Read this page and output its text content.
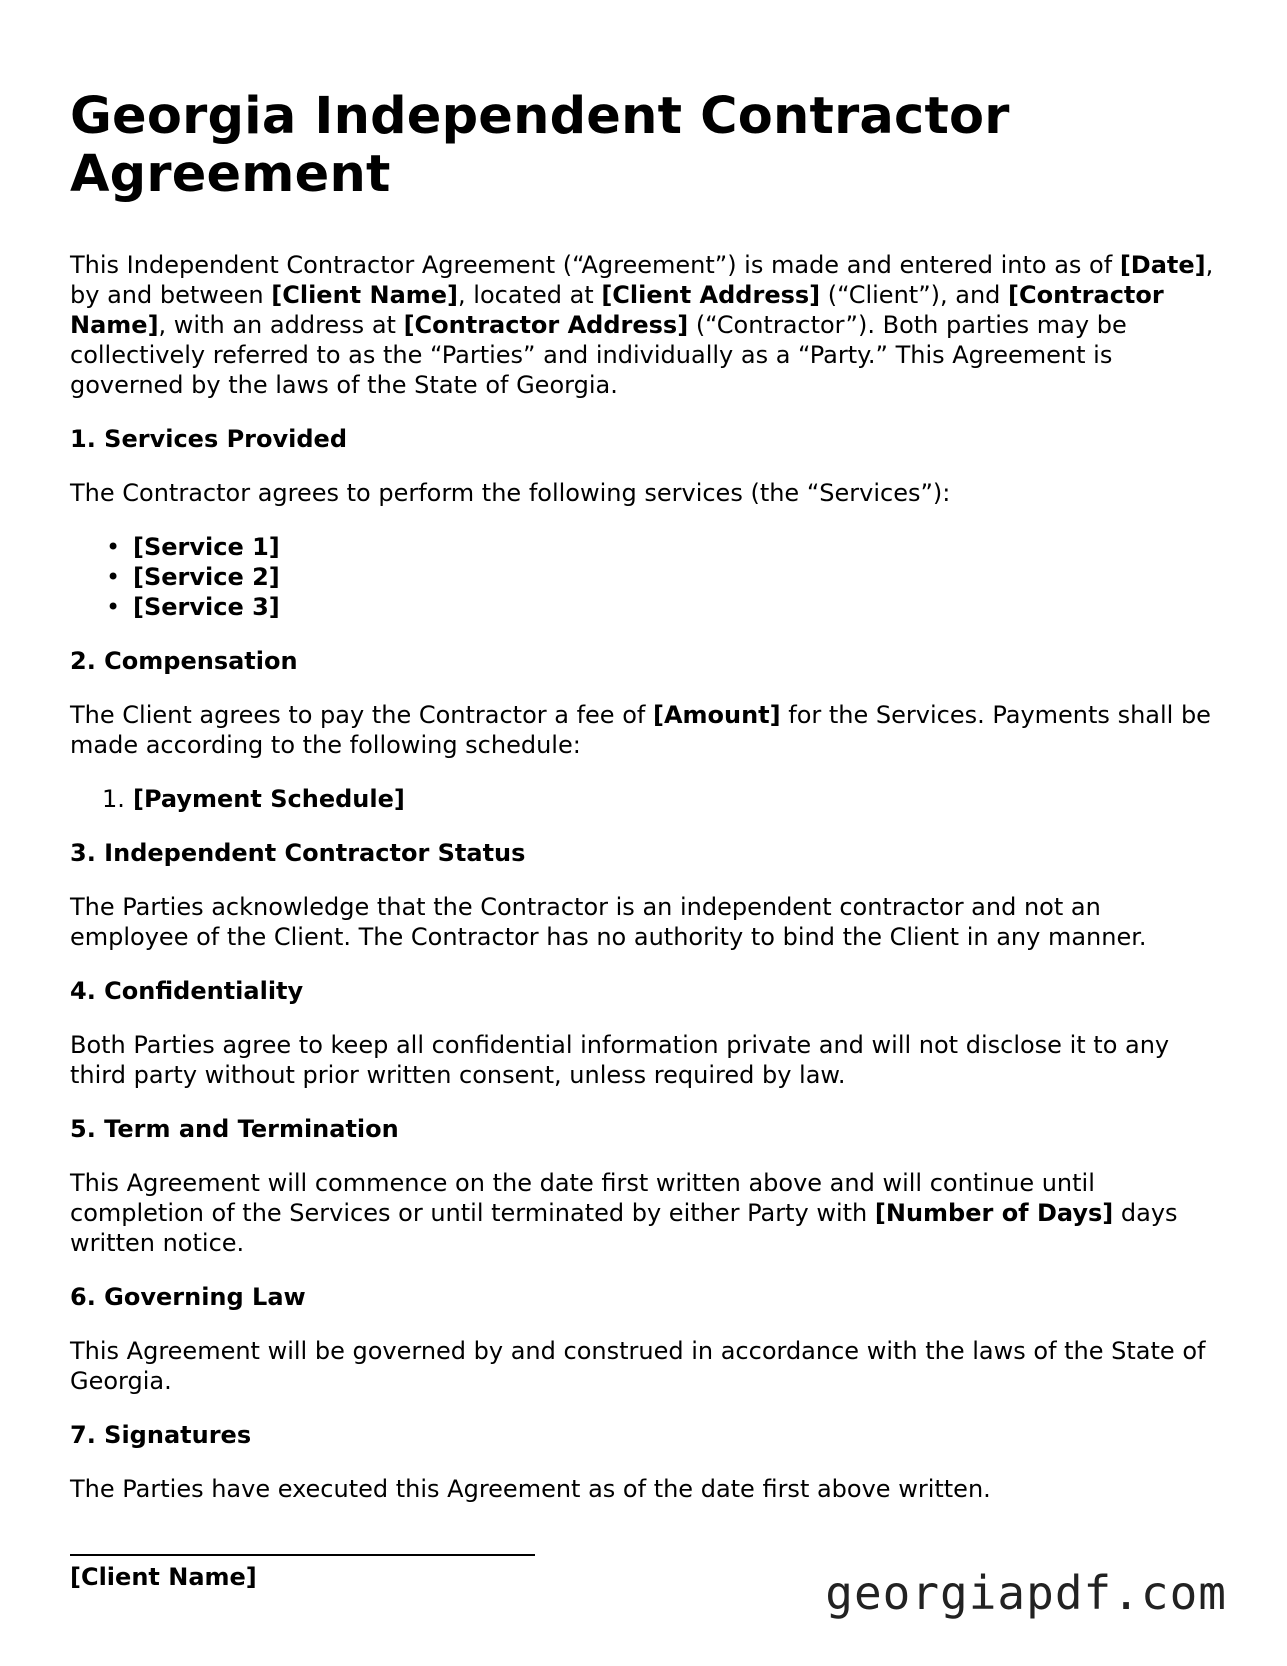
Georgia Independent Contractor Agreement
This Independent Contractor Agreement (“Agreement”) is made and entered into as of [Date], by and between [Client Name], located at [Client Address] (“Client”), and [Contractor Name], with an address at [Contractor Address] (“Contractor”). Both parties may be collectively referred to as the “Parties” and individually as a “Party.” This Agreement is governed by the laws of the State of Georgia.
1. Services Provided

The Contractor agrees to perform the following services (the “Services”):

• [Service 1]
• [Service 2]
• [Service 3]
2. Compensation

The Client agrees to pay the Contractor a fee of [Amount] for the Services. Payments shall be made according to the following schedule:

1. [Payment Schedule]
3. Independent Contractor Status

The Parties acknowledge that the Contractor is an independent contractor and not an employee of the Client. The Contractor has no authority to bind the Client in any manner.

4. Confidentiality

Both Parties agree to keep all confidential information private and will not disclose it to any third party without prior written consent, unless required by law.

5. Term and Termination

This Agreement will commence on the date first written above and will continue until completion of the Services or until terminated by either Party with [Number of Days] days written notice.

6. Governing Law

This Agreement will be governed by and construed in accordance with the laws of the State of Georgia.

7. Signatures

The Parties have executed this Agreement as of the date first above written.

[Client Name]	georgiapdf.com
